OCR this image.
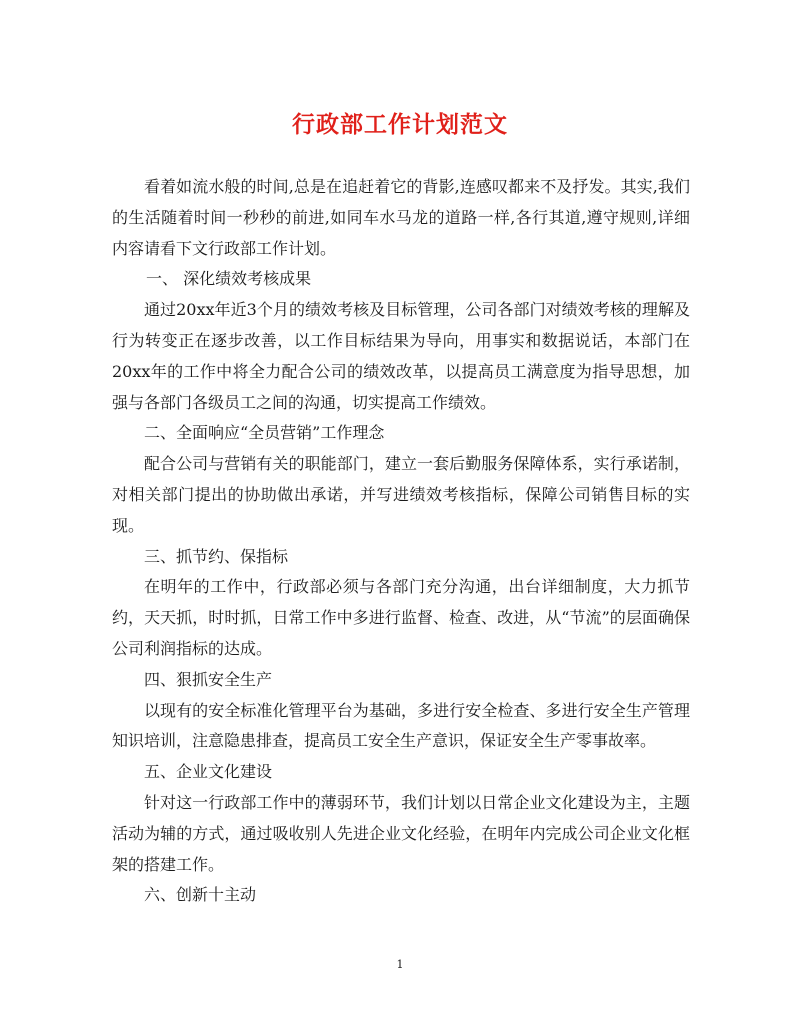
行政部工作计划范文

看着如流水般的时间,总是在追赶着它的背影,连感叹都来不及抒发。其实,我们的生活随着时间一秒秒的前进,如同车水马龙的道路一样,各行其道,遵守规则,详细内容请看下文行政部工作计划。

一、 深化绩效考核成果

通过20xx年近3个月的绩效考核及目标管理，公司各部门对绩效考核的理解及行为转变正在逐步改善，以工作目标结果为导向，用事实和数据说话，本部门在20xx年的工作中将全力配合公司的绩效改革，以提高员工满意度为指导思想，加强与各部门各级员工之间的沟通，切实提高工作绩效。

二、全面响应“全员营销”工作理念

配合公司与营销有关的职能部门，建立一套后勤服务保障体系，实行承诺制，对相关部门提出的协助做出承诺，并写进绩效考核指标，保障公司销售目标的实现。

三、抓节约、保指标

在明年的工作中，行政部必须与各部门充分沟通，出台详细制度，大力抓节约，天天抓，时时抓，日常工作中多进行监督、检查、改进，从“节流”的层面确保公司利润指标的达成。

四、狠抓安全生产

以现有的安全标准化管理平台为基础，多进行安全检查、多进行安全生产管理知识培训，注意隐患排查，提高员工安全生产意识，保证安全生产零事故率。

五、企业文化建设

针对这一行政部工作中的薄弱环节，我们计划以日常企业文化建设为主，主题活动为辅的方式，通过吸收别人先进企业文化经验，在明年内完成公司企业文化框架的搭建工作。

六、创新十主动

1
